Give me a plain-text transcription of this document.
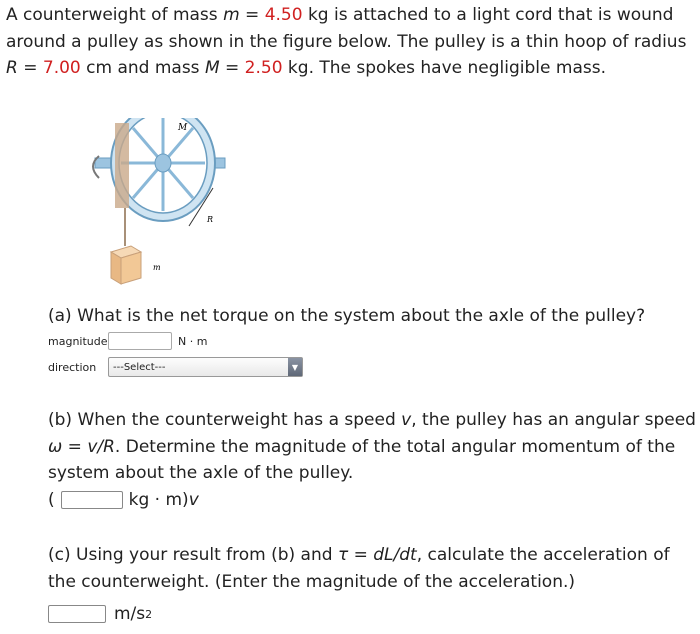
A counterweight of mass m = 4.50 kg is attached to a light cord that is wound around a pulley as shown in the figure below. The pulley is a thin hoop of radius R = 7.00 cm and mass M = 2.50 kg. The spokes have negligible mass.
M
R
m
(a) What is the net torque on the system about the axle of the pulley?
magnitude	N · m
direction	---Select---	▼
(b) When the counterweight has a speed v, the pulley has an angular speed ω = v/R. Determine the magnitude of the total angular momentum of the system about the axle of the pulley.
(	kg · m) v
(c) Using your result from (b) and τ = dL/dt, calculate the acceleration of the counterweight. (Enter the magnitude of the acceleration.)
m/s 2
